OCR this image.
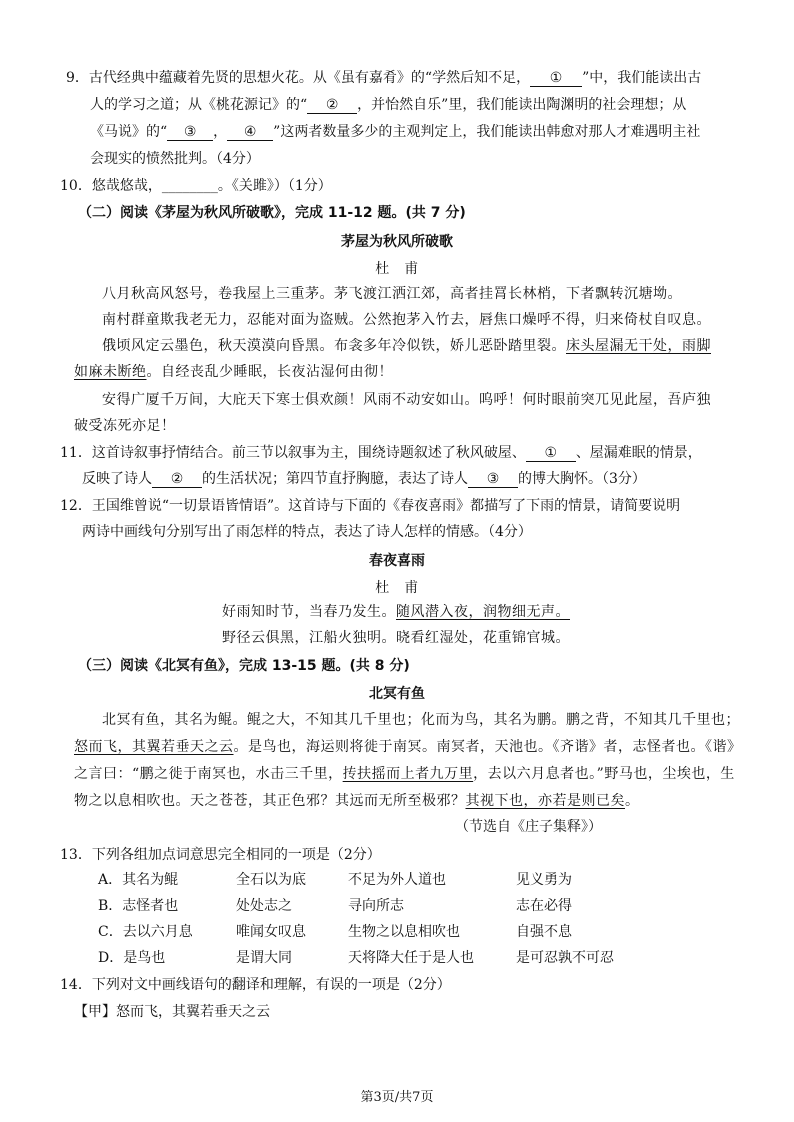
9．古代经典中蕴藏着先贤的思想火花。从《虽有嘉肴》的“学然后知不足， ① ”中，我们能读出古
人的学习之道；从《桃花源记》的“ ② ，并怡然自乐”里，我们能读出陶渊明的社会理想；从
《马说》的“ ③ ， ④ ”这两者数量多少的主观判定上，我们能读出韩愈对那人才难遇明主社
会现实的愤然批判。（4分）
10．悠哉悠哉，________。《关雎》）（1分）
（二）阅读《茅屋为秋风所破歌》，完成 11-12 题。(共 7 分)
茅屋为秋风所破歌
杜　甫
八月秋高风怒号，卷我屋上三重茅。茅飞渡江洒江郊，高者挂罥长林梢，下者飘转沉塘坳。
南村群童欺我老无力，忍能对面为盗贼。公然抱茅入竹去，唇焦口燥呼不得，归来倚杖自叹息。
俄顷风定云墨色，秋天漠漠向昏黑。布衾多年冷似铁，娇儿恶卧踏里裂。床头屋漏无干处，雨脚
如麻未断绝。自经丧乱少睡眠，长夜沾湿何由彻！
安得广厦千万间，大庇天下寒士俱欢颜！风雨不动安如山。呜呼！何时眼前突兀见此屋，吾庐独
破受冻死亦足！
11．这首诗叙事抒情结合。前三节以叙事为主，围绕诗题叙述了秋风破屋、 ① 、屋漏难眠的情景，
反映了诗人 ② 的生活状况；第四节直抒胸臆，表达了诗人 ③ 的博大胸怀。（3分）
12．王国维曾说“一切景语皆情语”。这首诗与下面的《春夜喜雨》都描写了下雨的情景，请简要说明
两诗中画线句分别写出了雨怎样的特点，表达了诗人怎样的情感。（4分）
春夜喜雨
杜　甫
好雨知时节，当春乃发生。随风潜入夜，润物细无声。
野径云俱黑，江船火独明。晓看红湿处，花重锦官城。
（三）阅读《北冥有鱼》，完成 13-15 题。(共 8 分)
北冥有鱼
北冥有鱼，其名为鲲。鲲之大，不知其几千里也；化而为鸟，其名为鹏。鹏之背，不知其几千里也；
怒而飞，其翼若垂天之云。是鸟也，海运则将徙于南冥。南冥者，天池也。《齐谐》者，志怪者也。《谐》
之言曰：“鹏之徙于南冥也，水击三千里，抟扶摇而上者九万里，去以六月息者也。”野马也，尘埃也，生
物之以息相吹也。天之苍苍，其正色邪？其远而无所至极邪？其视下也，亦若是则已矣。
（节选自《庄子集释》）
13．下列各组加点词意思完全相同的一项是（2分）
A．其名为鲲	全石以为底	不足为外人道也	见义勇为
B．志怪者也	处处志之	寻向所志	志在必得
C．去以六月息	唯闻女叹息	生物之以息相吹也	自强不息
D．是鸟也	是谓大同	天将降大任于是人也	是可忍孰不可忍
14．下列对文中画线语句的翻译和理解，有误的一项是（2分）
【甲】怒而飞，其翼若垂天之云
第3页/共7页
